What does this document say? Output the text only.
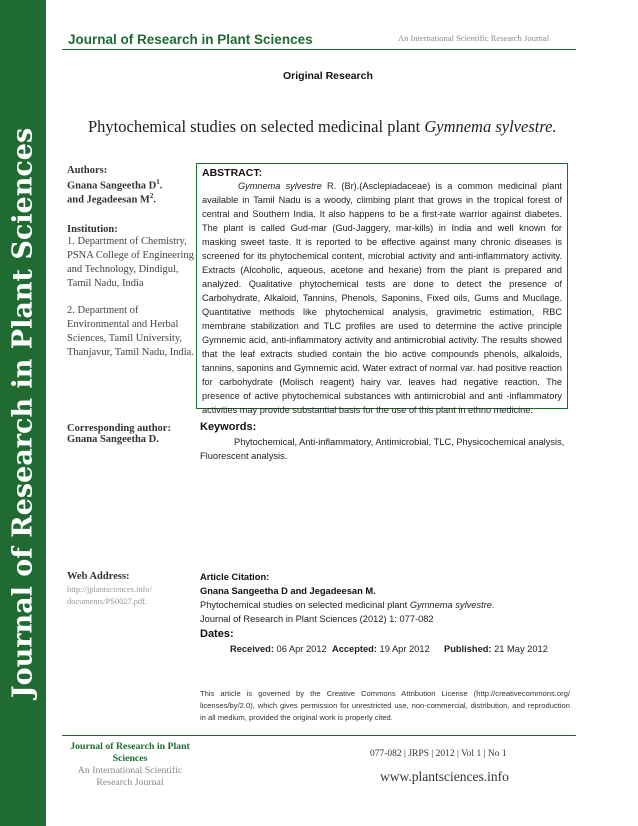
Journal of Research in Plant Sciences
Journal of Research in Plant Sciences	An International Scientific Research Journal
Original Research
Phytochemical studies on selected medicinal plant Gymnema sylvestre.
Authors:
Gnana Sangeetha $D^1$.
and Jegadeesan $M^2$.
Institution:
1. Department of Chemistry, PSNA College of Engineering and Technology, Dindigul, Tamil Nadu, India
2. Department of Environmental and Herbal Sciences, Tamil University, Thanjavur, Tamil Nadu, India.
Corresponding author:
Gnana Sangeetha D.
Web Address:
http://jplantsciences.info/ documents/PS0027.pdf.
ABSTRACT:
Gymnema sylvestre R. (Br).(Asclepiadaceae) is a common medicinal plant available in Tamil Nadu is a woody, climbing plant that grows in the tropical forest of central and Southern India. It also happens to be a first-rate warrior against diabetes. The plant is called Gud-mar (Gud-Jaggery, mar-kills) in India and well known for masking sweet taste. It is reported to be effective against many chronic diseases is screened for its phytochemical content, microbial activity and anti-inflammatory activity. Extracts (Alcoholic, aqueous, acetone and hexane) from the plant is prepared and analyzed. Qualitative phytochemical tests are done to detect the presence of Carbohydrate, Alkaloid, Tannins, Phenols, Saponins, Fixed oils, Gums and Mucilage. Quantitative methods like phytochemical analysis, gravimetric estimation, RBC membrane stabilization and TLC profiles are used to determine the active principle Gymnemic acid, anti-inflammatory activity and antimicrobial activity. The results showed that the leaf extracts studied contain the bio active compounds phenols, alkaloids, tannins, saponins and Gymnemic acid. Water extract of normal var. had positive reaction for carbohydrate (Molisch reagent) hairy var. leaves had negative reaction. The presence of active phytochemical substances with antimicrobial and anti -inflammatory activities may provide substantial basis for the use of this plant in ethno medicine.
Keywords:
Phytochemical, Anti-inflammatory, Antimicrobial, TLC, Physicochemical analysis, Fluorescent analysis.
Article Citation:
Gnana Sangeetha D and Jegadeesan M.
Phytochemical studies on selected medicinal plant Gymnema sylvestre.
Journal of Research in Plant Sciences (2012) 1: 077-082
Dates:
Received: 06 Apr 2012 Accepted: 19 Apr 2012 Published: 21 May 2012
This article is governed by the Creative Commons Attribution License (http://creativecommons.org/ licenses/by/2.0), which gives permission for unrestricted use, non-commercial, distribution, and reproduction in all medium, provided the original work is properly cited.
Journal of Research in Plant Sciences
An International Scientific Research Journal
077-082 | JRPS | 2012 | Vol 1 | No 1
www.plantsciences.info
